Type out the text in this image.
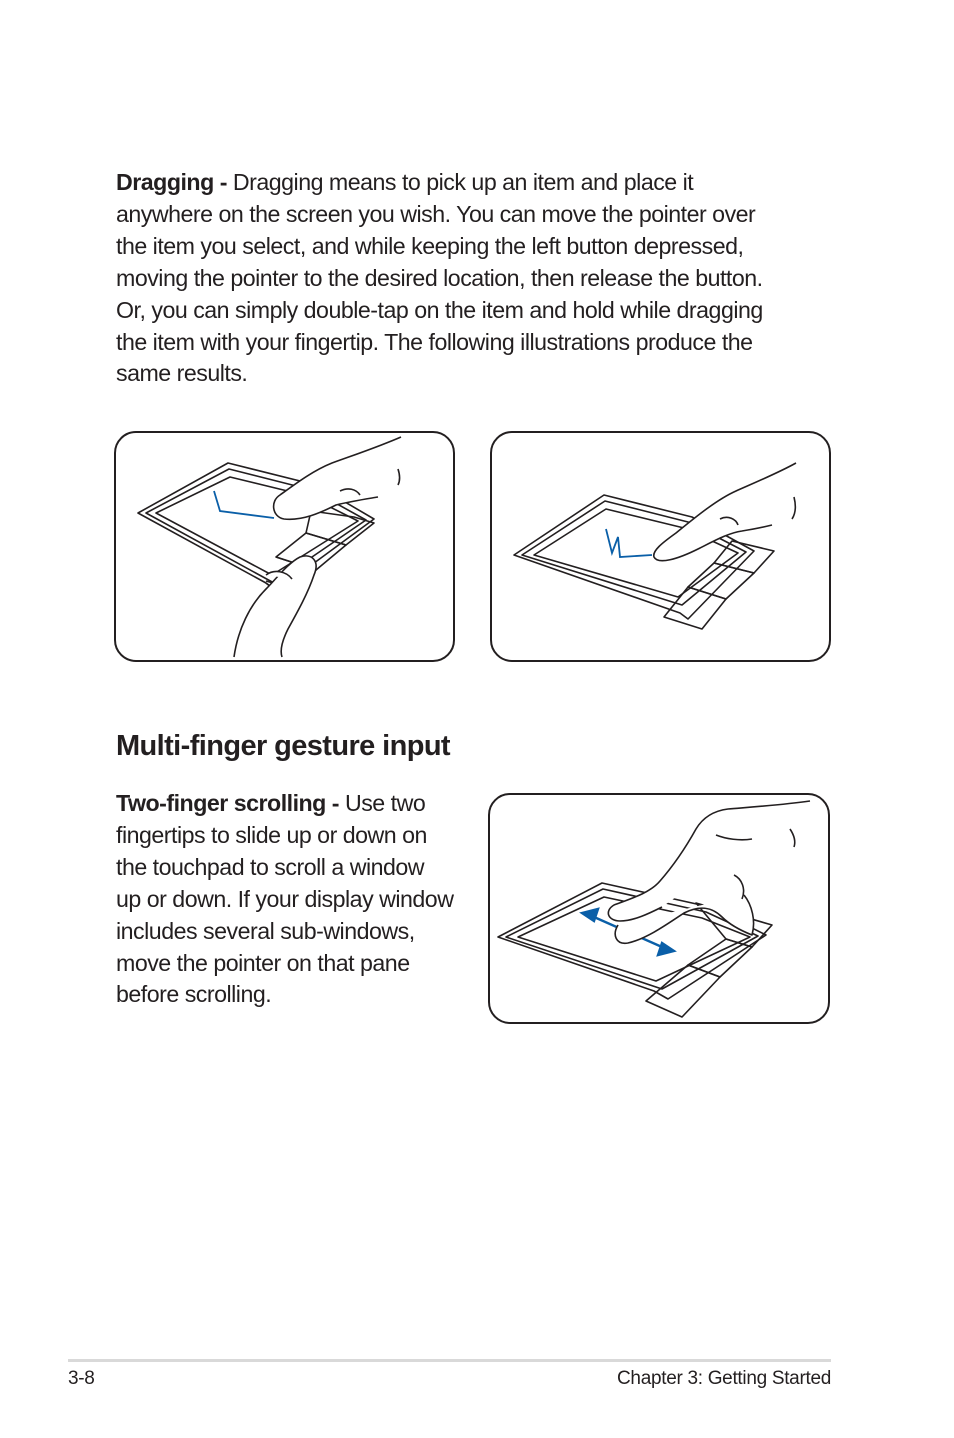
Dragging - Dragging means to pick up an item and place it
anywhere on the screen you wish. You can move the pointer over
the item you select, and while keeping the left button depressed,
moving the pointer to the desired location, then release the button.
Or, you can simply double-tap on the item and hold while dragging
the item with your fingertip. The following illustrations produce the
same results.

Multi-finger gesture input

Two-finger scrolling - Use two
fingertips to slide up or down on
the touchpad to scroll a window
up or down. If your display window
includes several sub-windows,
move the pointer on that pane
before scrolling.

3-8	Chapter 3: Getting Started
